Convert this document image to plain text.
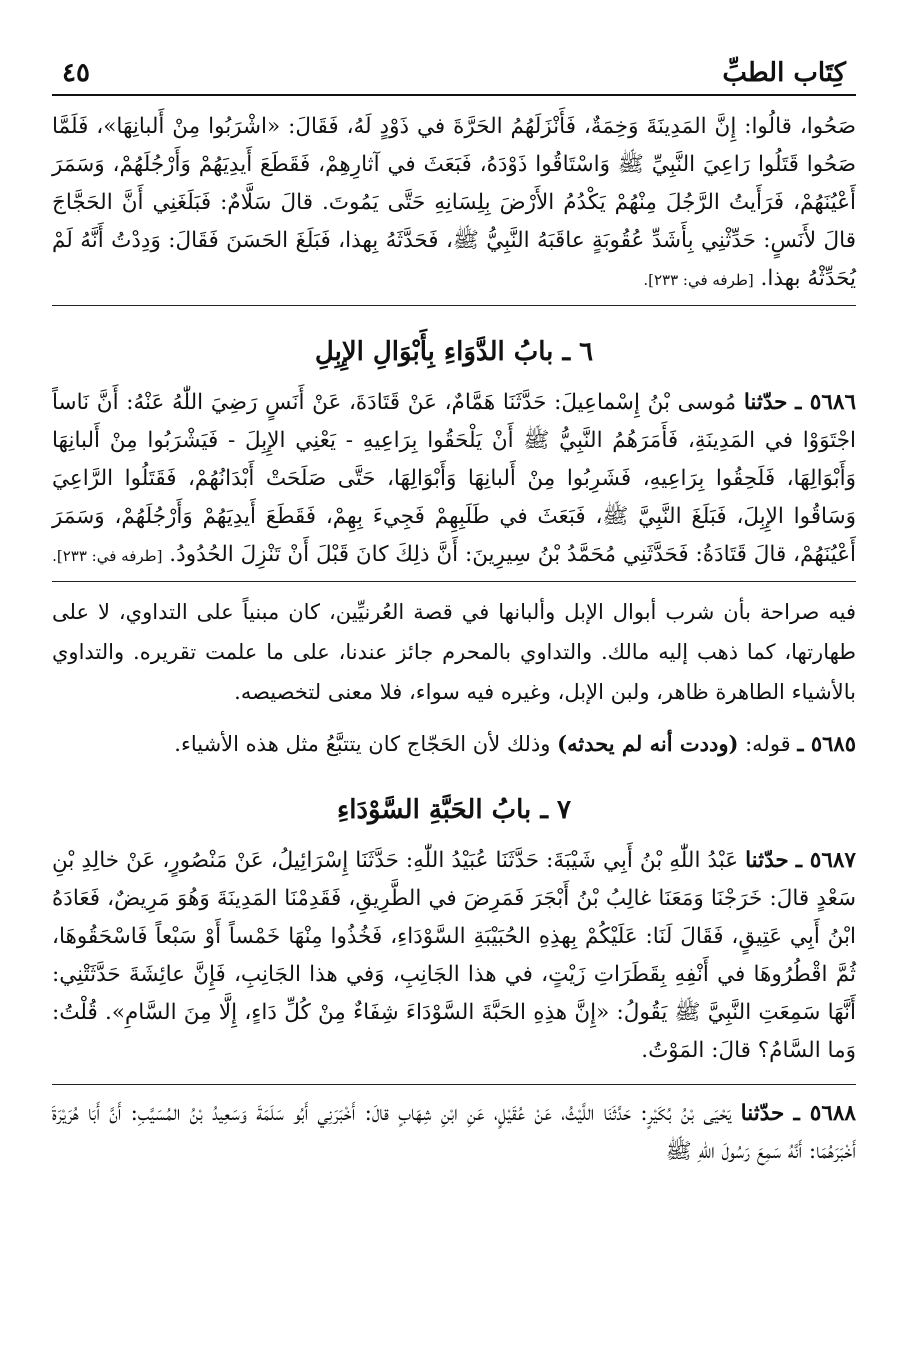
كِتَاب الطبِّ
٤٥

صَحُوا، قالُوا: إِنَّ المَدِينَةَ وَخِمَةٌ، فَأَنْزَلَهُمُ الحَرَّةَ في ذَوْدٍ لَهُ، فَقَالَ: «اشْرَبُوا مِنْ أَلبانِهَا»، فَلَمَّا صَحُوا قَتَلُوا رَاعِيَ النَّبِيِّ ﷺ وَاسْتَاقُوا ذَوْدَهُ، فَبَعَثَ في آثارِهِمْ، فَقَطَعَ أَيدِيَهُمْ وَأَرْجُلَهُمْ، وَسَمَرَ أَعْيُنَهُمْ، فَرَأَيتُ الرَّجُلَ مِنْهُمْ يَكْدُمُ الأَرْضَ بِلِسَانِهِ حَتَّى يَمُوتَ. قالَ سَلَّامٌ: فَبَلَغَنِي أَنَّ الحَجَّاجَ قالَ لأَنَسٍ: حَدِّثْنِي بِأَشَدِّ عُقُوبَةٍ عاقَبَهُ النَّبِيُّ ﷺ، فَحَدَّثَهُ بِهذا، فَبَلَغَ الحَسَنَ فَقَالَ: وَدِدْتُ أَنَّهُ لَمْ يُحَدِّثْهُ بهذا. [طرفه في: ٢٣٣].

٦ ـ بابُ الدَّوَاءِ بِأَبْوَالِ الإِبِلِ

٥٦٨٦ ـ حدّثنا مُوسى بْنُ إِسْماعِيلَ: حَدَّثَنَا هَمَّامٌ، عَنْ قَتَادَةَ، عَنْ أَنَسٍ رَضِيَ اللّٰهُ عَنْهُ: أَنَّ نَاساً اجْتَوَوْا في المَدِينَةِ، فَأَمَرَهُمُ النَّبِيُّ ﷺ أَنْ يَلْحَقُوا بِرَاعِيهِ - يَعْنِي الإِبِلَ - فَيَشْرَبُوا مِنْ أَلبانِهَا وَأَبْوَالِهَا، فَلَحِقُوا بِرَاعِيهِ، فَشَرِبُوا مِنْ أَلبانِهَا وَأَبْوَالِهَا، حَتَّى صَلَحَتْ أَبْدَانُهُمْ، فَقَتَلُوا الرَّاعِيَ وَسَاقُوا الإِبِلَ، فَبَلَغَ النَّبِيَّ ﷺ، فَبَعَثَ في طَلَبِهِمْ فَجِيءَ بِهِمْ، فَقَطَعَ أَيدِيَهُمْ وَأَرْجُلَهُمْ، وَسَمَرَ أَعْيُنَهُمْ، قالَ قَتَادَةُ: فَحَدَّثَنِي مُحَمَّدُ بْنُ سِيرِينَ: أَنَّ ذلِكَ كانَ قَبْلَ أَنْ تَنْزِلَ الحُدُودُ. [طرفه في: ٢٣٣].

فيه صراحة بأن شرب أبوال الإبل وألبانها في قصة العُرنيِّين، كان مبنياً على التداوي، لا على طهارتها، كما ذهب إليه مالك. والتداوي بالمحرم جائز عندنا، على ما علمت تقريره. والتداوي بالأشياء الطاهرة ظاهر، ولبن الإبل، وغيره فيه سواء، فلا معنى لتخصيصه.

٥٦٨٥ ـ قوله: (وددت أنه لم يحدثه) وذلك لأن الحَجّاج كان يتتبَّعُ مثل هذه الأشياء.

٧ ـ بابُ الحَبَّةِ السَّوْدَاءِ

٥٦٨٧ ـ حدّثنا عَبْدُ اللّٰهِ بْنُ أَبِي شَيْبَةَ: حَدَّثَنَا عُبَيْدُ اللّٰهِ: حَدَّثَنَا إِسْرَائِيلُ، عَنْ مَنْصُورٍ، عَنْ خالِدِ بْنِ سَعْدٍ قالَ: خَرَجْنَا وَمَعَنَا غالِبُ بْنُ أَبْجَرَ فَمَرِضَ في الطَّرِيقِ، فَقَدِمْنَا المَدِينَةَ وَهُوَ مَرِيضٌ، فَعَادَهُ ابْنُ أَبِي عَتِيقٍ، فَقَالَ لَنَا: عَلَيْكُمْ بِهذِهِ الحُبَيْبَةِ السَّوْدَاءِ، فَخُذُوا مِنْهَا خَمْساً أَوْ سَبْعاً فَاسْحَقُوهَا، ثُمَّ اقْطُرُوهَا في أَنْفِهِ بِقَطَرَاتِ زَيْتٍ، في هذا الجَانِبِ، وَفي هذا الجَانِبِ، فَإِنَّ عائِشَةَ حَدَّثَتْنِي: أَنَّهَا سَمِعَتِ النَّبِيَّ ﷺ يَقُولُ: «إِنَّ هذِهِ الحَبَّةَ السَّوْدَاءَ شِفَاءٌ مِنْ كُلِّ دَاءٍ، إِلَّا مِنَ السَّامِ». قُلْتُ: وَما السَّامُ؟ قالَ: المَوْتُ.

٥٦٨٨ ـ حدّثنا يَحْيَى بْنُ بُكَيْرٍ: حَدَّثَنَا اللَّيْثُ، عَنْ عُقَيْلٍ، عَنِ ابْنِ شِهَابٍ قالَ: أَخْبَرَنِي أَبُو سَلَمَةَ وَسَعِيدُ بْنُ المُسَيَّبِ: أَنَّ أَبَا هُرَيْرَةَ أَخْبَرَهُمَا: أَنَّهُ سَمِعَ رَسُولَ اللّٰهِ ﷺ
